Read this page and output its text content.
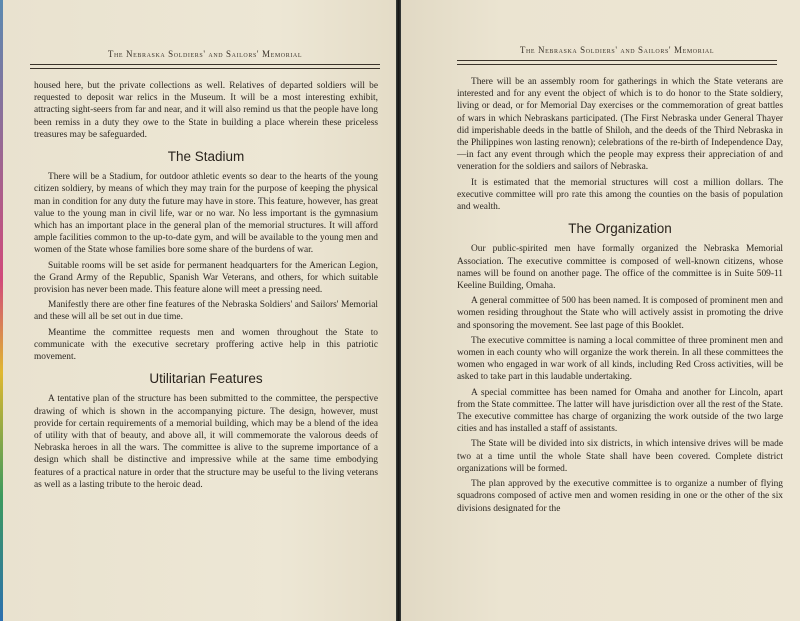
The Nebraska Soldiers' and Sailors' Memorial

housed here, but the private collections as well. Relatives of departed soldiers will be requested to deposit war relics in the Museum. It will be a most interesting exhibit, attracting sight-seers from far and near, and it will also remind us that the people have long been remiss in a duty they owe to the State in building a place wherein these priceless treasures may be safeguarded.

The Stadium

There will be a Stadium, for outdoor athletic events so dear to the hearts of the young citizen soldiery, by means of which they may train for the purpose of keeping the physical man in condition for any duty the future may have in store. This feature, however, has great value to the young man in civil life, war or no war. No less important is the gymnasium which has an important place in the general plan of the memorial structures. It will afford ample facilities common to the up-to-date gym, and will be available to the young men and women of the State whose families bore some share of the burdens of war.

Suitable rooms will be set aside for permanent headquarters for the American Legion, the Grand Army of the Republic, Spanish War Veterans, and others, for which suitable provision has never been made. This feature alone will meet a pressing need.

Manifestly there are other fine features of the Nebraska Soldiers' and Sailors' Memorial and these will all be set out in due time.

Meantime the committee requests men and women throughout the State to communicate with the executive secretary proffering active help in this patriotic movement.

Utilitarian Features

A tentative plan of the structure has been submitted to the committee, the perspective drawing of which is shown in the accompanying picture. The design, however, must provide for certain requirements of a memorial building, which may be a blend of the idea of utility with that of beauty, and above all, it will commemorate the valorous deeds of Nebraska heroes in all the wars. The committee is alive to the supreme importance of a design which shall be distinctive and impressive while at the same time embodying features of a practical nature in order that the structure may be useful to the living veterans as well as a lasting tribute to the heroic dead.

The Nebraska Soldiers' and Sailors' Memorial

There will be an assembly room for gatherings in which the State veterans are interested and for any event the object of which is to do honor to the State soldiery, living or dead, or for Memorial Day exercises or the commemoration of great battles of wars in which Nebraskans participated. (The First Nebraska under General Thayer did imperishable deeds in the battle of Shiloh, and the deeds of the Third Nebraska in the Philippines won lasting renown); celebrations of the re-birth of Independence Day,—in fact any event through which the people may express their appreciation of and veneration for the soldiers and sailors of Nebraska.

It is estimated that the memorial structures will cost a million dollars. The executive committee will pro rate this among the counties on the basis of population and wealth.

The Organization

Our public-spirited men have formally organized the Nebraska Memorial Association. The executive committee is composed of well-known citizens, whose names will be found on another page. The office of the committee is in Suite 509-11 Keeline Building, Omaha.

A general committee of 500 has been named. It is composed of prominent men and women residing throughout the State who will actively assist in promoting the drive and sponsoring the movement. See last page of this Booklet.

The executive committee is naming a local committee of three prominent men and women in each county who will organize the work therein. In all these committees the women who engaged in war work of all kinds, including Red Cross activities, will be asked to take part in this laudable undertaking.

A special committee has been named for Omaha and another for Lincoln, apart from the State committee. The latter will have jurisdiction over all the rest of the State. The executive committee has charge of organizing the work outside of the two large cities and has installed a staff of assistants.

The State will be divided into six districts, in which intensive drives will be made two at a time until the whole State shall have been covered. Complete district organizations will be formed.

The plan approved by the executive committee is to organize a number of flying squadrons composed of active men and women residing in one or the other of the six divisions designated for the
